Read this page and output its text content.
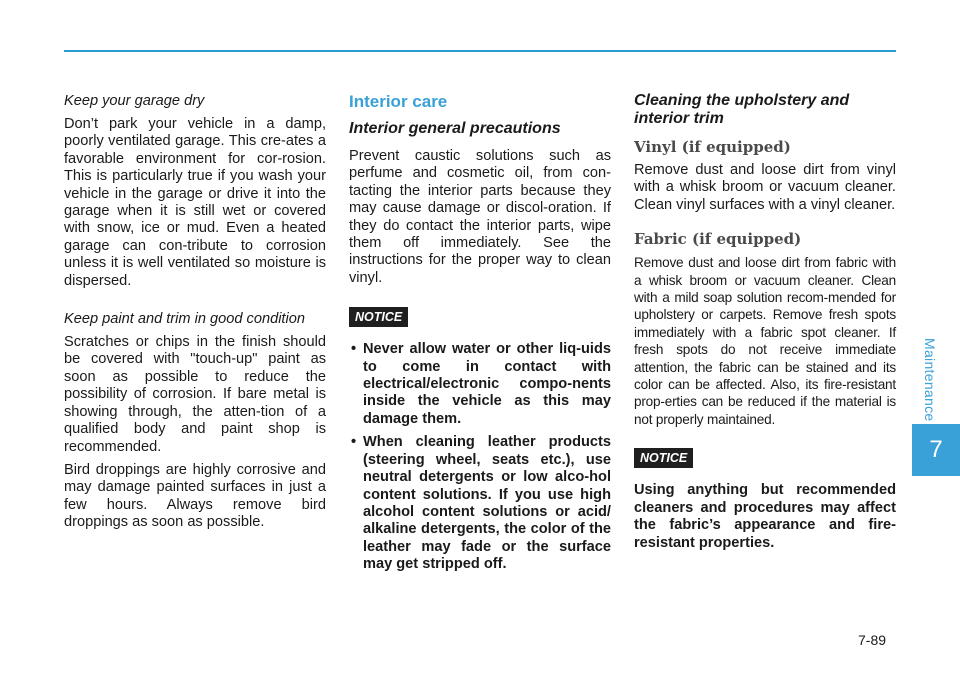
Keep your garage dry

Don’t park your vehicle in a damp, poorly ventilated garage. This cre-ates a favorable environment for cor-rosion. This is particularly true if you wash your vehicle in the garage or drive it into the garage when it is still wet or covered with snow, ice or mud. Even a heated garage can con-tribute to corrosion unless it is well ventilated so moisture is dispersed.

Keep paint and trim in good condition

Scratches or chips in the finish should be covered with "touch-up" paint as soon as possible to reduce the possibility of corrosion. If bare metal is showing through, the atten-tion of a qualified body and paint shop is recommended.

Bird droppings are highly corrosive and may damage painted surfaces in just a few hours. Always remove bird droppings as soon as possible.

Interior care
Interior general precautions

Prevent caustic solutions such as perfume and cosmetic oil, from con-tacting the interior parts because they may cause damage or discol-oration. If they do contact the interior parts, wipe them off immediately. See the instructions for the proper way to clean vinyl.

NOTICE
• Never allow water or other liq-uids to come in contact with electrical/electronic compo-nents inside the vehicle as this may damage them.
• When cleaning leather products (steering wheel, seats etc.), use neutral detergents or low alco-hol content solutions. If you use high alcohol content solutions or acid/ alkaline detergents, the color of the leather may fade or the surface may get stripped off.
Cleaning the upholstery and interior trim
Vinyl (if equipped)

Remove dust and loose dirt from vinyl with a whisk broom or vacuum cleaner. Clean vinyl surfaces with a vinyl cleaner.

Fabric (if equipped)

Remove dust and loose dirt from fabric with a whisk broom or vacuum cleaner. Clean with a mild soap solution recom-mended for upholstery or carpets. Remove fresh spots immediately with a fabric spot cleaner. If fresh spots do not receive immediate attention, the fabric can be stained and its color can be affected. Also, its fire-resistant prop-erties can be reduced if the material is not properly maintained.

NOTICE

Using anything but recommended cleaners and procedures may affect the fabric’s appearance and fire-resistant properties.

Maintenance
7
7-89
